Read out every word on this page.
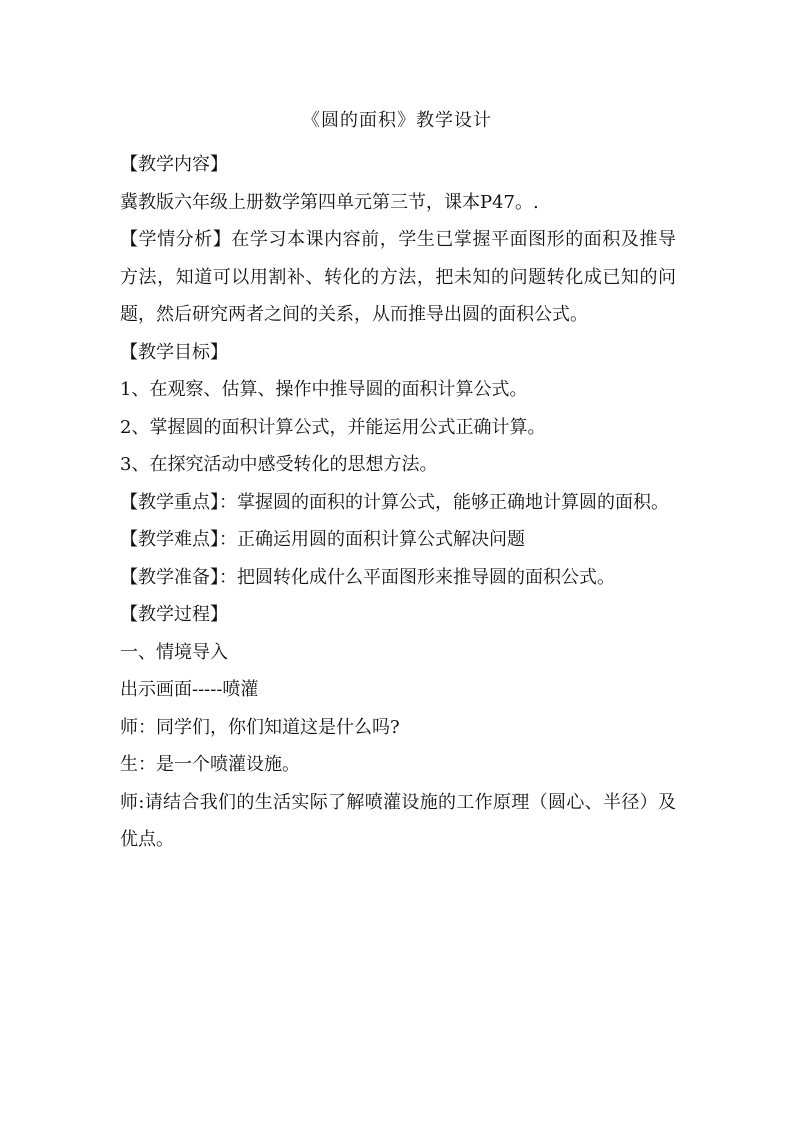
《圆的面积》教学设计

【教学内容】

冀教版六年级上册数学第四单元第三节，课本P47。.

【学情分析】在学习本课内容前，学生已掌握平面图形的面积及推导方法，知道可以用割补、转化的方法，把未知的问题转化成已知的问题，然后研究两者之间的关系，从而推导出圆的面积公式。

【教学目标】

1、在观察、估算、操作中推导圆的面积计算公式。

2、掌握圆的面积计算公式，并能运用公式正确计算。

3、在探究活动中感受转化的思想方法。

【教学重点】：掌握圆的面积的计算公式，能够正确地计算圆的面积。

【教学难点】：正确运用圆的面积计算公式解决问题

【教学准备】：把圆转化成什么平面图形来推导圆的面积公式。

【教学过程】

一、情境导入

出示画面-----喷灌

师：同学们，你们知道这是什么吗?

生：是一个喷灌设施。

师:请结合我们的生活实际了解喷灌设施的工作原理（圆心、半径）及优点。
